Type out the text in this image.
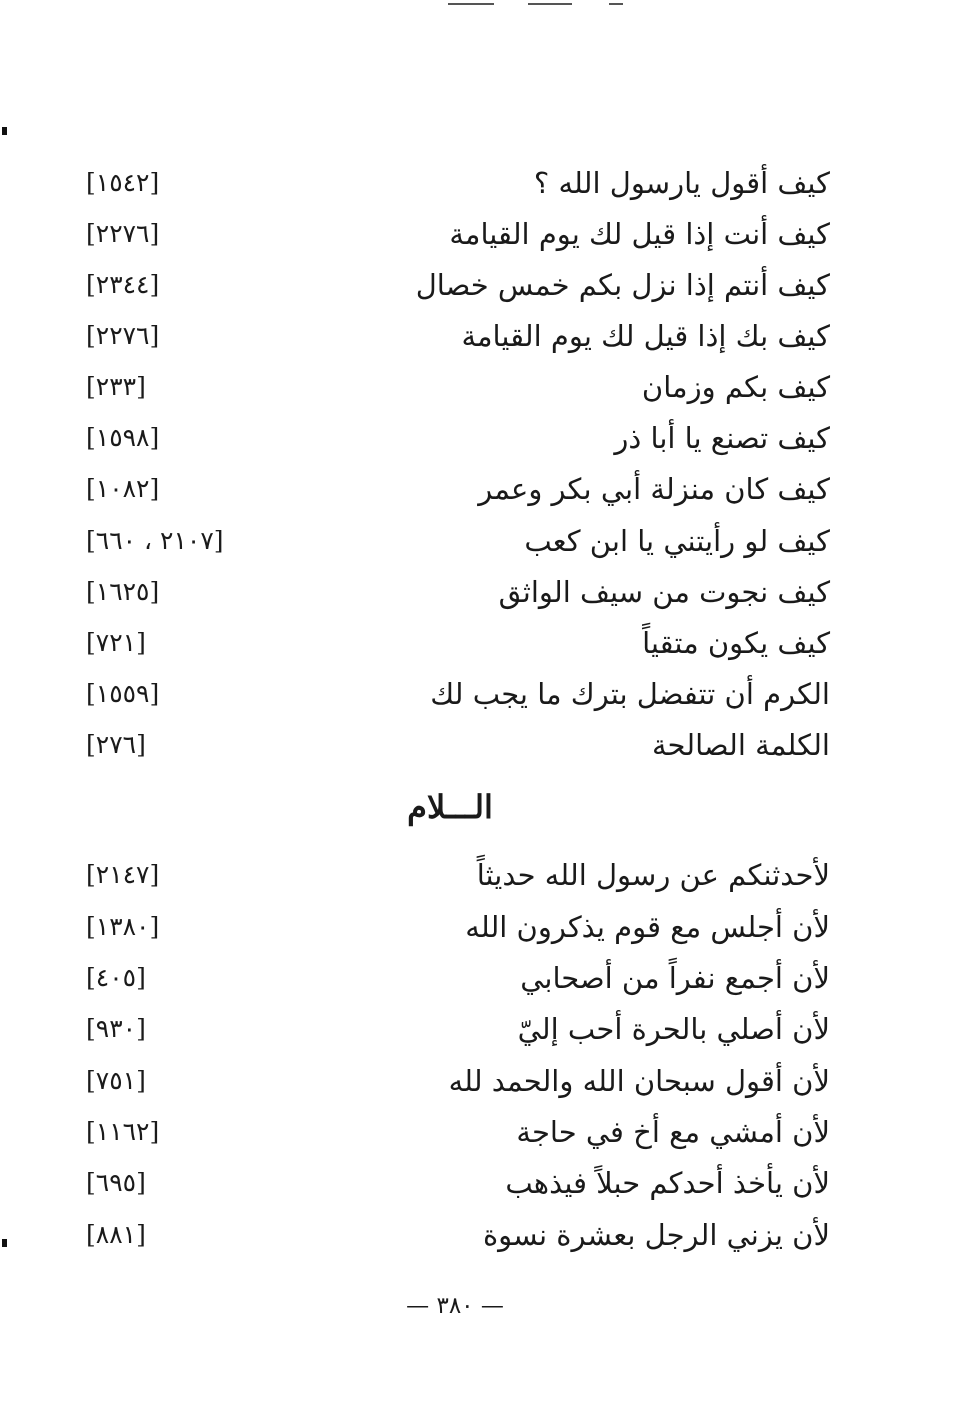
كيف أقول يارسول الله ؟
[١٥٤٢]
كيف أنت إذا قيل لك يوم القيامة
[٢٢٧٦]
كيف أنتم إذا نزل بكم خمس خصال
[٢٣٤٤]
كيف بك إذا قيل لك يوم القيامة
[٢٢٧٦]
كيف بكم وزمان
[٢٣٣]
كيف تصنع يا أبا ذر
[١٥٩٨]
كيف كان منزلة أبي بكر وعمر
[١٠٨٢]
كيف لو رأيتني يا ابن كعب
[٢١٠٧ ، ٦٦٠]
كيف نجوت من سيف الواثق
[١٦٢٥]
كيف يكون متقياً
[٧٢١]
الكرم أن تتفضل بترك ما يجب لك
[١٥٥٩]
الكلمة الصالحة
[٢٧٦]
الـــلام
لأحدثنكم عن رسول الله حديثاً
[٢١٤٧]
لأن أجلس مع قوم يذكرون الله
[١٣٨٠]
لأن أجمع نفراً من أصحابي
[٤٠٥]
لأن أصلي بالحرة أحب إليّ
[٩٣٠]
لأن أقول سبحان الله والحمد لله
[٧٥١]
لأن أمشي مع أخ في حاجة
[١١٦٢]
لأن يأخذ أحدكم حبلاً فيذهب
[٦٩٥]
لأن يزني الرجل بعشرة نسوة
[٨٨١]
— ٣٨٠ —
